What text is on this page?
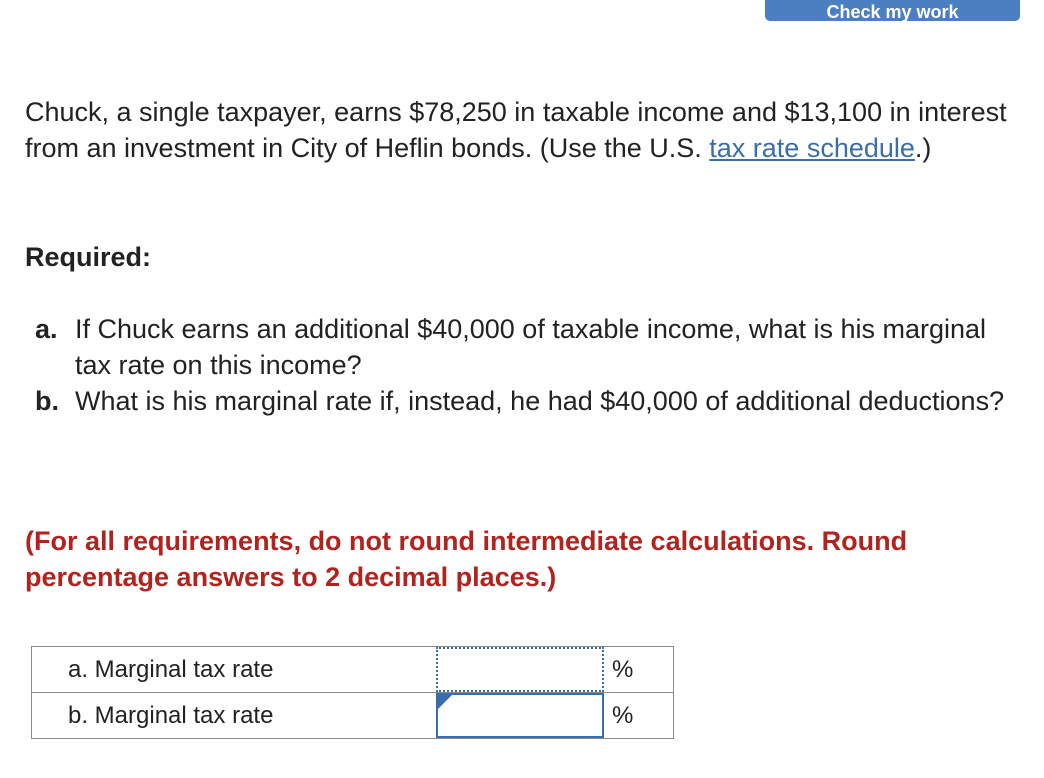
Check my work
Chuck, a single taxpayer, earns $78,250 in taxable income and $13,100 in interest from an investment in City of Heflin bonds. (Use the U.S. tax rate schedule.)
Required:
a. If Chuck earns an additional $40,000 of taxable income, what is his marginal tax rate on this income?
b. What is his marginal rate if, instead, he had $40,000 of additional deductions?
(For all requirements, do not round intermediate calculations. Round percentage answers to 2 decimal places.)
a. Marginal tax rate	%
b. Marginal tax rate	%
